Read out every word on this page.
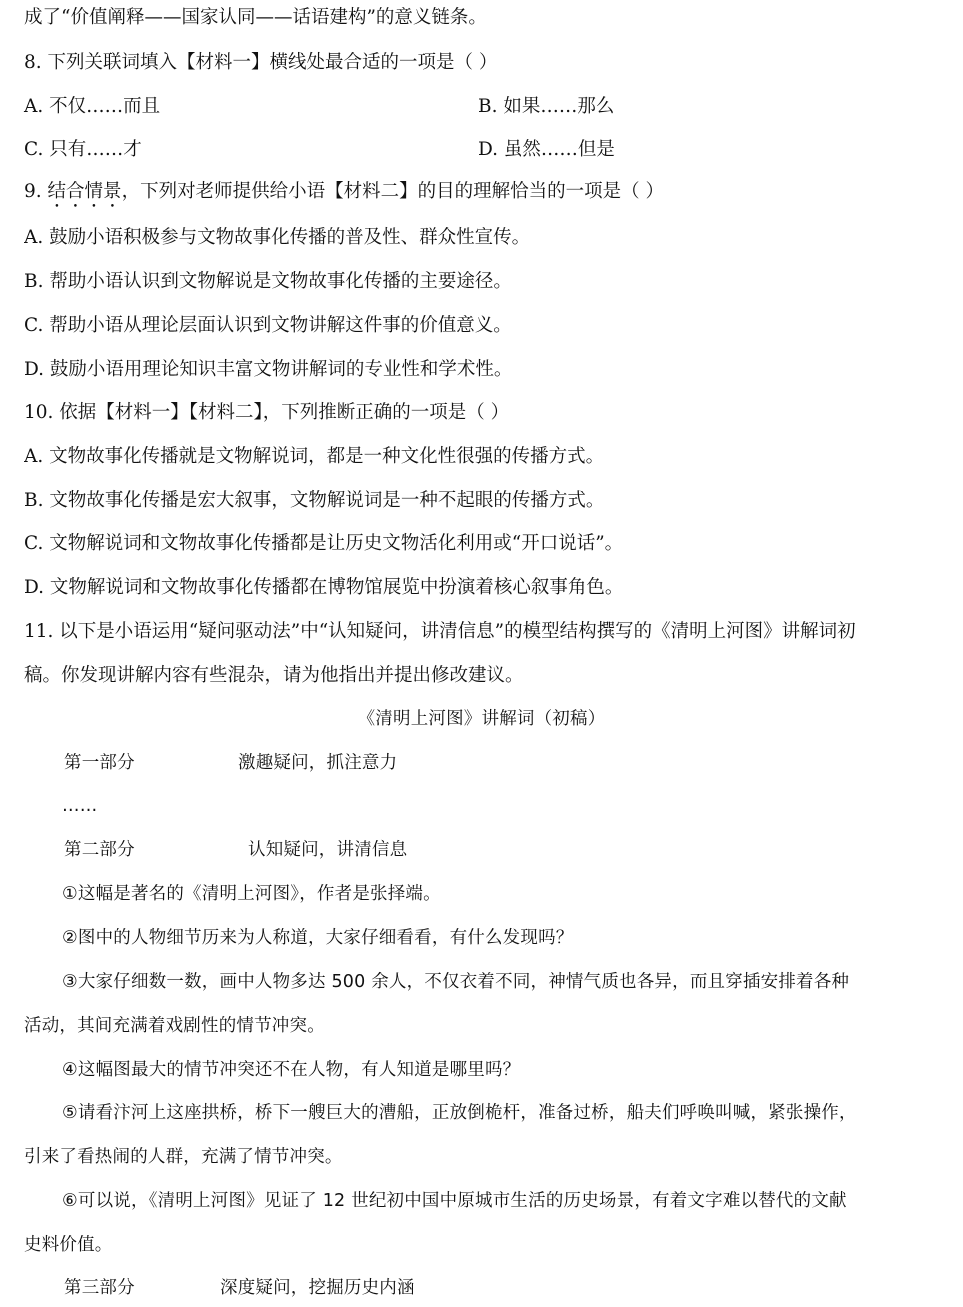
成了“价值阐释——国家认同——话语建构”的意义链条。
8. 下列关联词填入【材料一】横线处最合适的一项是（ ）
A. 不仅……而且	B. 如果……那么
C. 只有……才	D. 虽然……但是
9. 结合情景，下列对老师提供给小语【材料二】的目的理解恰当的一项是（ ）
A. 鼓励小语积极参与文物故事化传播的普及性、群众性宣传。
B. 帮助小语认识到文物解说是文物故事化传播的主要途径。
C. 帮助小语从理论层面认识到文物讲解这件事的价值意义。
D. 鼓励小语用理论知识丰富文物讲解词的专业性和学术性。
10. 依据【材料一】【材料二】，下列推断正确的一项是（ ）
A. 文物故事化传播就是文物解说词，都是一种文化性很强的传播方式。
B. 文物故事化传播是宏大叙事，文物解说词是一种不起眼的传播方式。
C. 文物解说词和文物故事化传播都是让历史文物活化利用或“开口说话”。
D. 文物解说词和文物故事化传播都在博物馆展览中扮演着核心叙事角色。
11. 以下是小语运用“疑问驱动法”中“认知疑问，讲清信息”的模型结构撰写的《清明上河图》讲解词初
稿。你发现讲解内容有些混杂，请为他指出并提出修改建议。
《清明上河图》讲解词（初稿）
第一部分	激趣疑问，抓注意力
……
第二部分	认知疑问，讲清信息
①这幅是著名的《清明上河图》，作者是张择端。
②图中的人物细节历来为人称道，大家仔细看看，有什么发现吗？
③大家仔细数一数，画中人物多达 500 余人，不仅衣着不同，神情气质也各异，而且穿插安排着各种
活动，其间充满着戏剧性的情节冲突。
④这幅图最大的情节冲突还不在人物，有人知道是哪里吗？
⑤请看汴河上这座拱桥，桥下一艘巨大的漕船，正放倒桅杆，准备过桥，船夫们呼唤叫喊，紧张操作，
引来了看热闹的人群，充满了情节冲突。
⑥可以说，《清明上河图》见证了 12 世纪初中国中原城市生活的历史场景，有着文字难以替代的文献
史料价值。
第三部分	深度疑问，挖掘历史内涵
